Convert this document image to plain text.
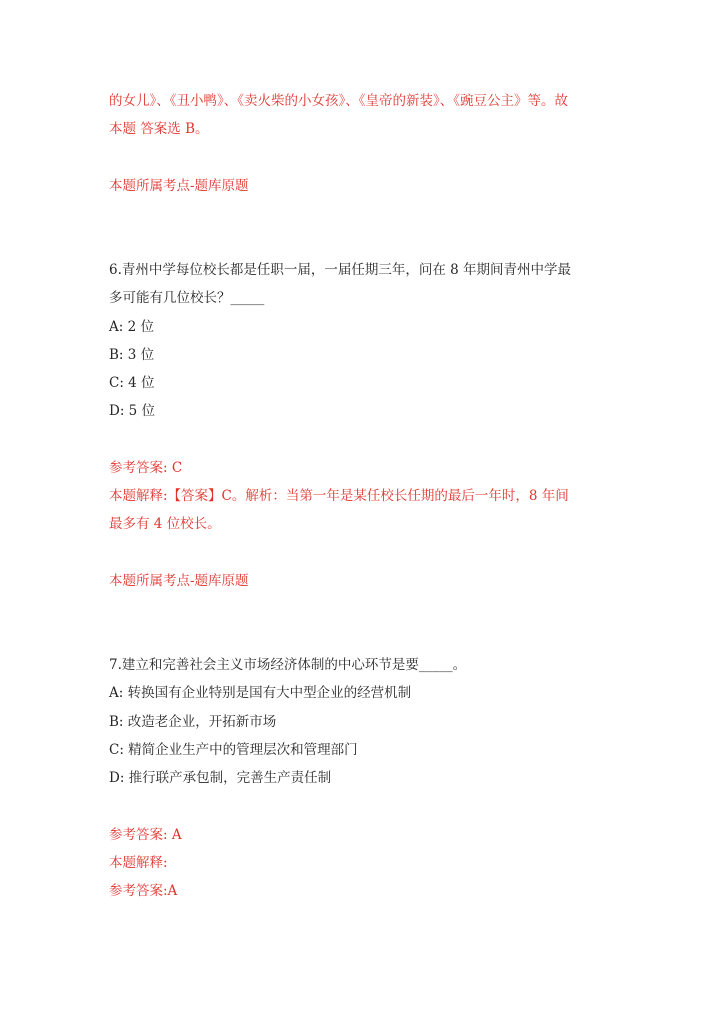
的女儿》、《丑小鸭》、《卖火柴的小女孩》、《皇帝的新装》、《豌豆公主》等。故
本题 答案选 B。
本题所属考点-题库原题
6.青州中学每位校长都是任职一届，一届任期三年，问在 8 年期间青州中学最
多可能有几位校长？_____
A: 2 位
B: 3 位
C: 4 位
D: 5 位
参考答案: C
本题解释:【答案】C。解析：当第一年是某任校长任期的最后一年时，8 年间
最多有 4 位校长。
本题所属考点-题库原题
7.建立和完善社会主义市场经济体制的中心环节是要_____。
A: 转换国有企业特别是国有大中型企业的经营机制
B: 改造老企业，开拓新市场
C: 精简企业生产中的管理层次和管理部门
D: 推行联产承包制，完善生产责任制
参考答案: A
本题解释:
参考答案:A
